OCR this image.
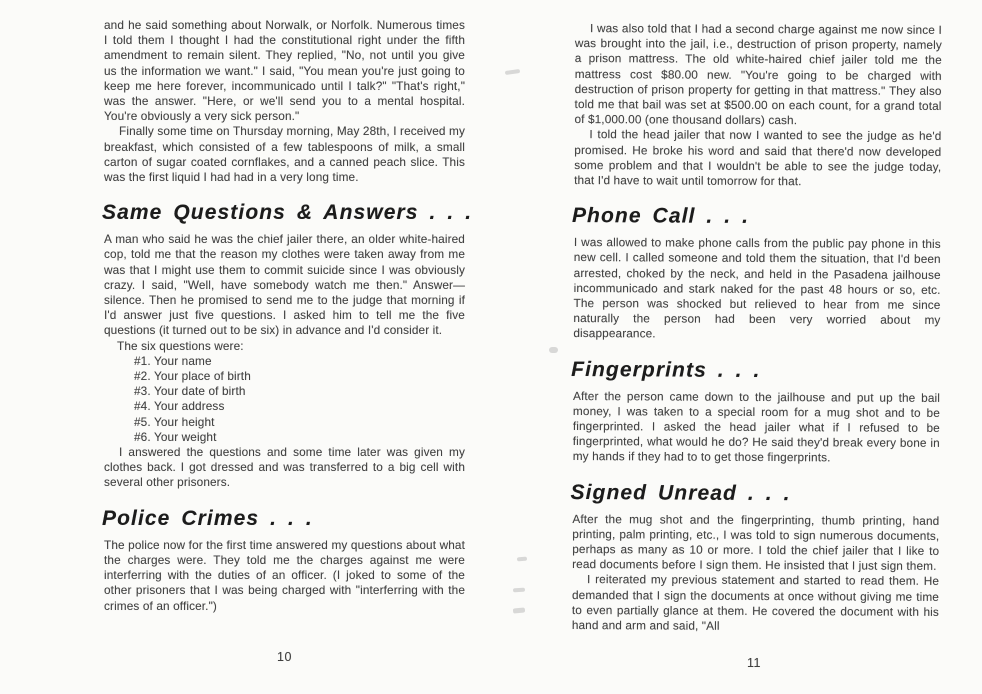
and he said something about Norwalk, or Norfolk. Numerous times I told them I thought I had the constitutional right under the fifth amendment to remain silent. They replied, "No, not until you give us the information we want." I said, "You mean you're just going to keep me here forever, incommunicado until I talk?" "That's right," was the answer. "Here, or we'll send you to a mental hospital. You're obviously a very sick person."

Finally some time on Thursday morning, May 28th, I received my breakfast, which consisted of a few tablespoons of milk, a small carton of sugar coated cornflakes, and a canned peach slice. This was the first liquid I had had in a very long time.

Same Questions & Answers . . .

A man who said he was the chief jailer there, an older white-haired cop, told me that the reason my clothes were taken away from me was that I might use them to commit suicide since I was obviously crazy. I said, "Well, have somebody watch me then." Answer—silence. Then he promised to send me to the judge that morning if I'd answer just five questions. I asked him to tell me the five questions (it turned out to be six) in advance and I'd consider it.

The six questions were:

#1. Your name
#2. Your place of birth
#3. Your date of birth
#4. Your address
#5. Your height
#6. Your weight

I answered the questions and some time later was given my clothes back. I got dressed and was transferred to a big cell with several other prisoners.

Police Crimes . . .

The police now for the first time answered my questions about what the charges were. They told me the charges against me were interferring with the duties of an officer. (I joked to some of the other prisoners that I was being charged with "interferring with the crimes of an officer.")

I was also told that I had a second charge against me now since I was brought into the jail, i.e., destruction of prison property, namely a prison mattress. The old white-haired chief jailer told me the mattress cost $80.00 new. "You're going to be charged with destruction of prison property for getting in that mattress." They also told me that bail was set at $500.00 on each count, for a grand total of $1,000.00 (one thousand dollars) cash.

I told the head jailer that now I wanted to see the judge as he'd promised. He broke his word and said that there'd now developed some problem and that I wouldn't be able to see the judge today, that I'd have to wait until tomorrow for that.

Phone Call . . .

I was allowed to make phone calls from the public pay phone in this new cell. I called someone and told them the situation, that I'd been arrested, choked by the neck, and held in the Pasadena jailhouse incommunicado and stark naked for the past 48 hours or so, etc. The person was shocked but relieved to hear from me since naturally the person had been very worried about my disappearance.

Fingerprints . . .

After the person came down to the jailhouse and put up the bail money, I was taken to a special room for a mug shot and to be fingerprinted. I asked the head jailer what if I refused to be fingerprinted, what would he do? He said they'd break every bone in my hands if they had to to get those fingerprints.

Signed Unread . . .

After the mug shot and the fingerprinting, thumb printing, hand printing, palm printing, etc., I was told to sign numerous documents, perhaps as many as 10 or more. I told the chief jailer that I like to read documents before I sign them. He insisted that I just sign them.

I reiterated my previous statement and started to read them. He demanded that I sign the documents at once without giving me time to even partially glance at them. He covered the document with his hand and arm and said, "All

10	11
